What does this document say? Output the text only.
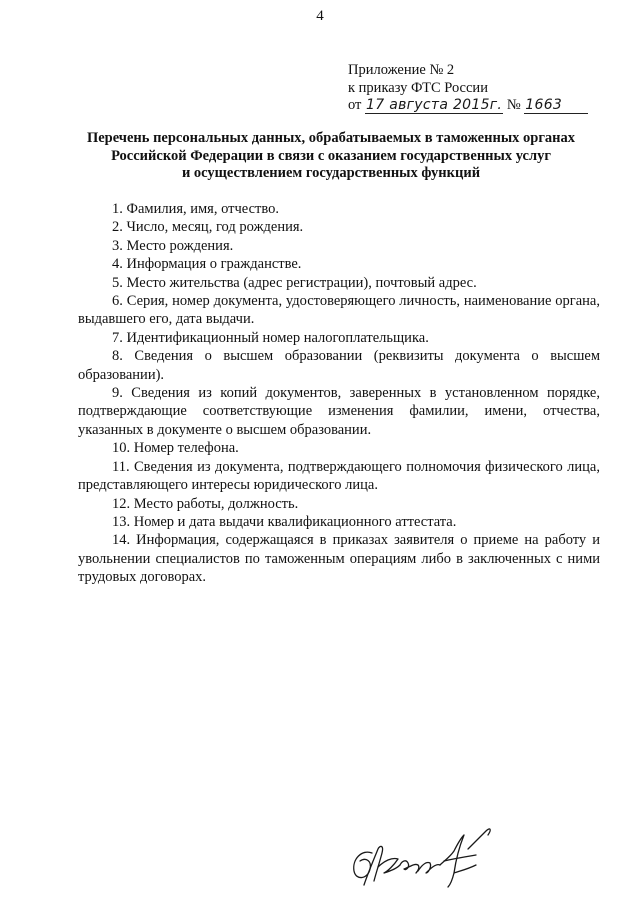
4
Приложение № 2
к приказу ФТС России
от 17 августа 2015г. № 1663
Перечень персональных данных, обрабатываемых в таможенных органах
Российской Федерации в связи с оказанием государственных услуг
и осуществлением государственных функций

1. Фамилия, имя, отчество.

2. Число, месяц, год рождения.

3. Место рождения.

4. Информация о гражданстве.

5. Место жительства (адрес регистрации), почтовый адрес.

6. Серия, номер документа, удостоверяющего личность, наименование органа, выдавшего его, дата выдачи.

7. Идентификационный номер налогоплательщика.

8. Сведения о высшем образовании (реквизиты документа о высшем образовании).

9. Сведения из копий документов, заверенных в установленном порядке, подтверждающие соответствующие изменения фамилии, имени, отчества, указанных в документе о высшем образовании.

10. Номер телефона.

11. Сведения из документа, подтверждающего полномочия физического лица, представляющего интересы юридического лица.

12. Место работы, должность.

13. Номер и дата выдачи квалификационного аттестата.

14. Информация, содержащаяся в приказах заявителя о приеме на работу и увольнении специалистов по таможенным операциям либо в заключенных с ними трудовых договорах.
